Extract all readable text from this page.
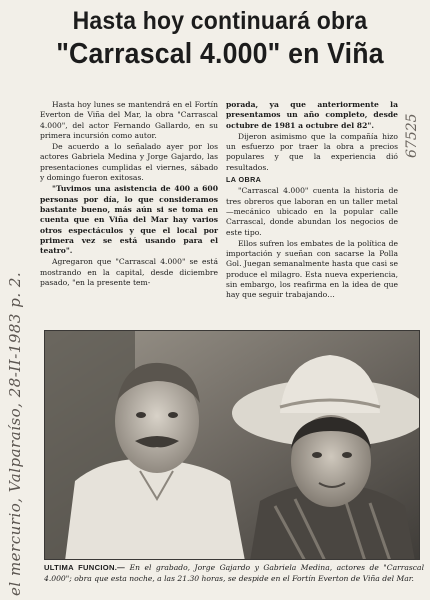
Hasta hoy continuará obra
"Carrascal 4.000" en Viña

Hasta hoy lunes se mantendrá en el Fortín Everton de Viña del Mar, la obra "Carrascal 4.000", del actor Fernando Gallardo, en su primera incursión como autor.

De acuerdo a lo señalado ayer por los actores Gabriela Medina y Jorge Gajardo, las presentaciones cumplidas el viernes, sábado y domingo fueron exitosas.

"Tuvimos una asistencia de 400 a 600 personas por día, lo que consideramos bastante bueno, más aún si se toma en cuenta que en Viña del Mar hay varios otros espectáculos y que el local por primera vez se está usando para el teatro".

Agregaron que "Carrascal 4.000" se está mostrando en la capital, desde diciembre pasado, "en la presente tem-

porada, ya que anteriormente la presentamos un año completo, desde octubre de 1981 a octubre del 82".

Dijeron asimismo que la compañía hizo un esfuerzo por traer la obra a precios populares y que la experiencia dió resultados.

LA OBRA

"Carrascal 4.000" cuenta la historia de tres obreros que laboran en un taller metal—mecánico ubicado en la popular calle Carrascal, donde abundan los negocios de este tipo.

Ellos sufren los embates de la política de importación y sueñan con sacarse la Polla Gol. Juegan semanalmente hasta que casi se produce el milagro. Esta nueva experiencia, sin embargo, los reafirma en la idea de que hay que seguir trabajando…

ULTIMA FUNCION.— En el grabado, Jorge Gajardo y Gabriela Medina, actores de "Carrascal 4.000"; obra que esta noche, a las 21.30 horas, se despide en el Fortín Everton de Viña del Mar.
el mercurio, Valparaíso, 28-II-1983 p. 2.
67525
